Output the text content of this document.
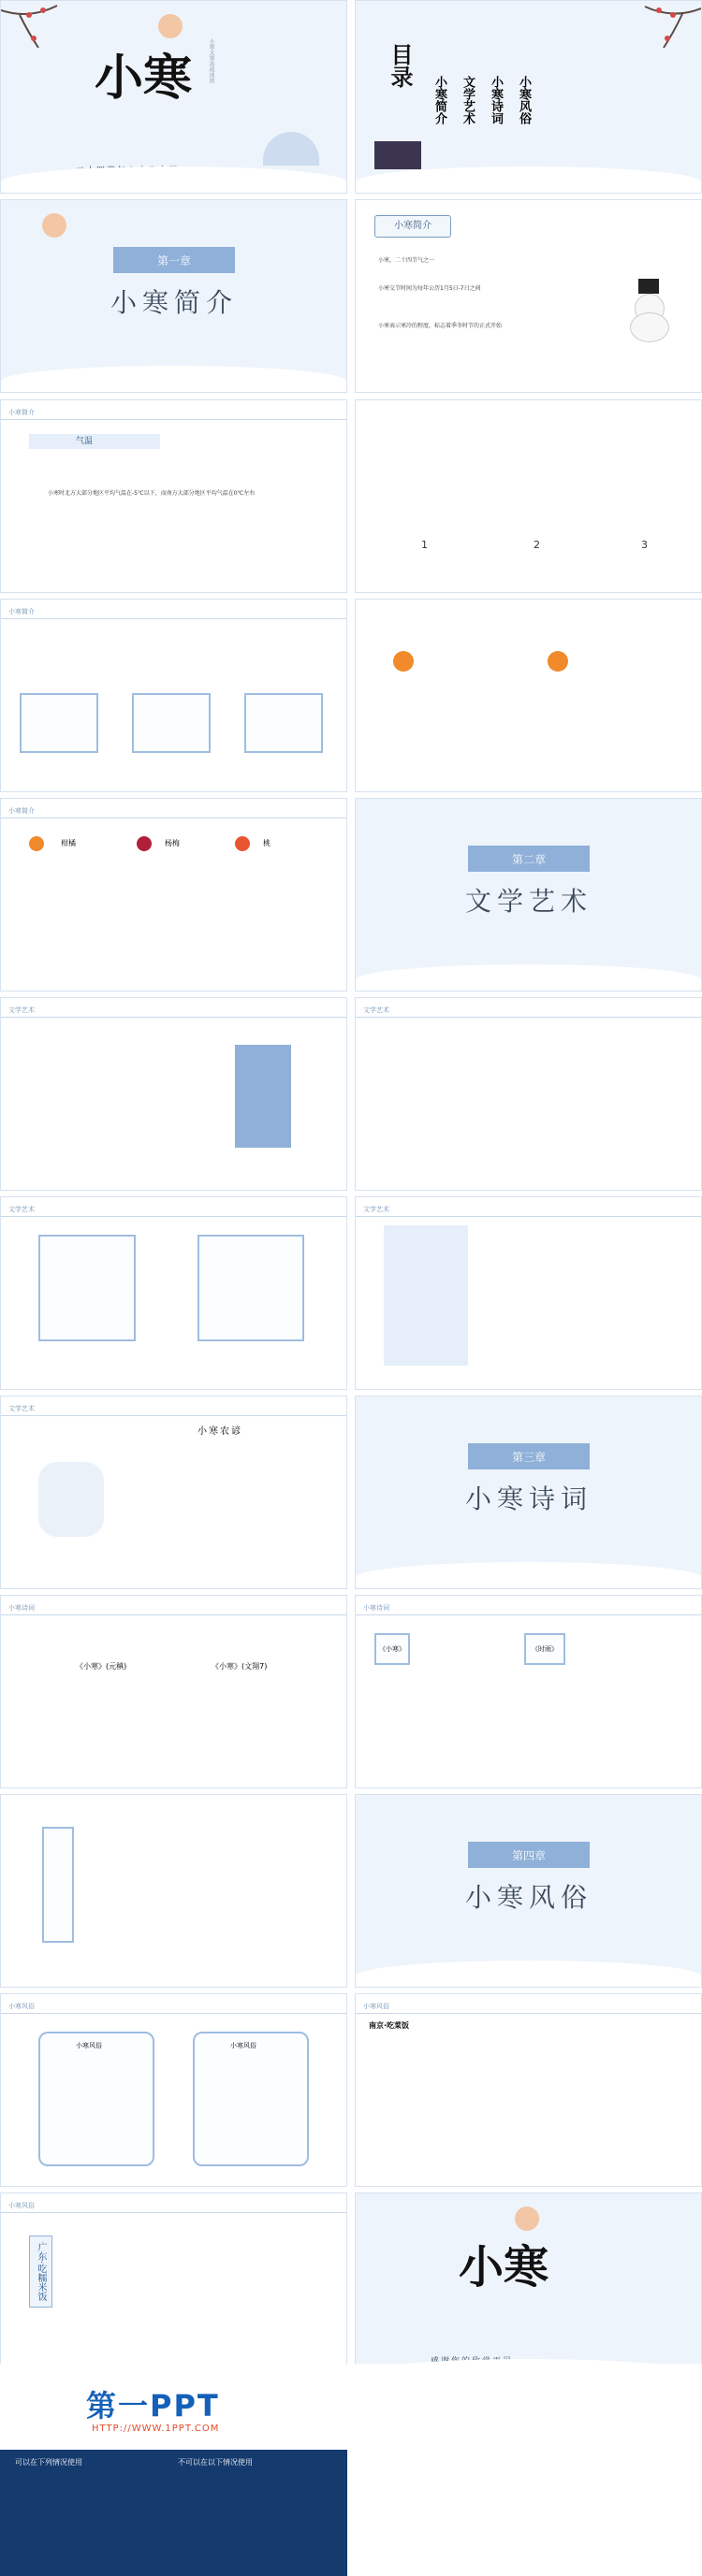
小寒	小寒大寒冻成冰团	目录
小寒简介 文学艺术 小寒诗词 小寒风俗
第一章
小寒简介
小寒简介
小寒，二十四节气之一
小寒交节时间为每年公历1月5日-7日之间
小寒表示寒冷的程度，标志着季冬时节的正式开始
小寒简介
气温
小寒时北方大部分地区平均气温在-5℃以下，而南方大部分地区平均气温在0℃左右
1	2	3
小寒简介
小寒简介
柑橘	杨梅	桃
第二章
文学艺术
文学艺术	文学艺术
文学艺术	文学艺术
文学艺术
小寒农谚
第三章
小寒诗词
小寒诗词
《小寒》(元稹)	《小寒》(文翔7)
小寒诗词
《小寒》	《时雨》
第四章
小寒风俗
小寒风俗
小寒风俗	小寒风俗
小寒风俗
南京·吃菜饭
小寒风俗
广东·吃糯米饭	小寒
第一PPT
HTTP://WWW.1PPT.COM
可以在下列情况使用	不可以在以下情况使用
